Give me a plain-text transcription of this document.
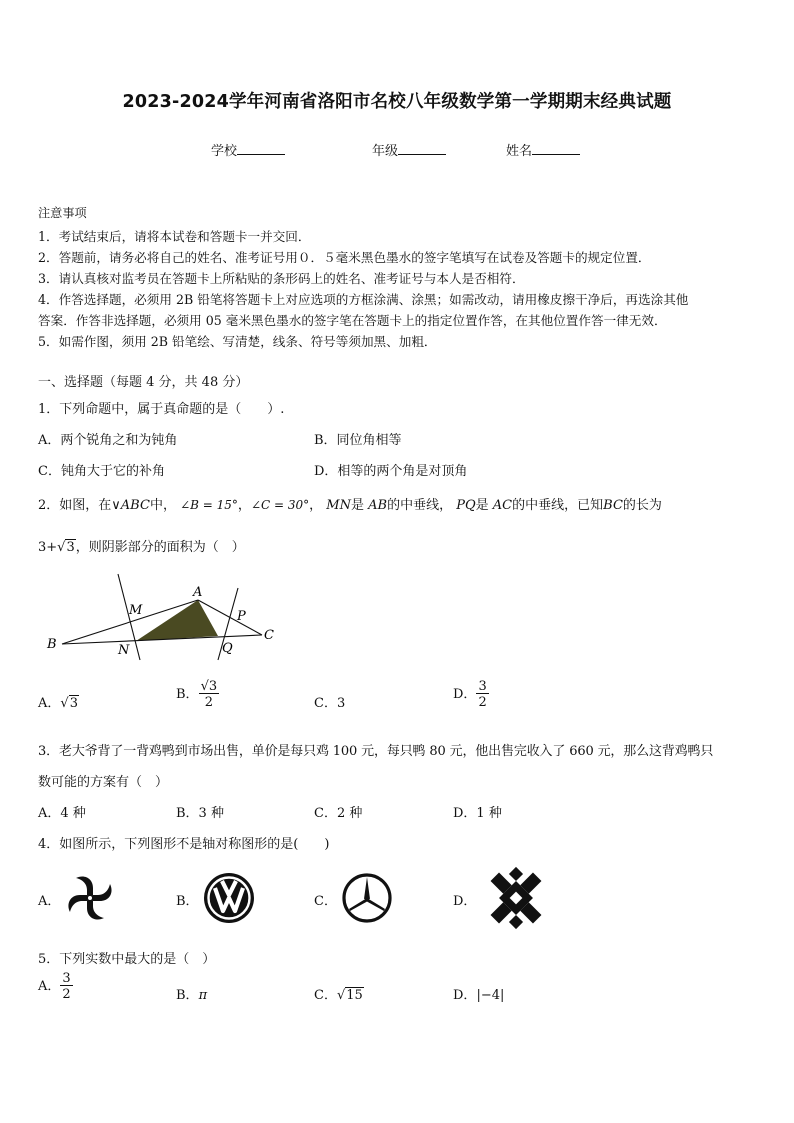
2023-2024学年河南省洛阳市名校八年级数学第一学期期末经典试题
学校	年级	姓名
注意事项
1．考试结束后，请将本试卷和答题卡一并交回．
2．答题前，请务必将自己的姓名、准考证号用０．５毫米黑色墨水的签字笔填写在试卷及答题卡的规定位置．
3．请认真核对监考员在答题卡上所粘贴的条形码上的姓名、准考证号与本人是否相符．
4．作答选择题，必须用 2B 铅笔将答题卡上对应选项的方框涂满、涂黑；如需改动，请用橡皮擦干净后，再选涂其他
答案．作答非选择题，必须用 05 毫米黑色墨水的签字笔在答题卡上的指定位置作答，在其他位置作答一律无效．
5．如需作图，须用 2B 铅笔绘、写清楚，线条、符号等须加黑、加粗．
一、选择题（每题 4 分，共 48 分）
1．下列命题中，属于真命题的是（　　）.
A．两个锐角之和为钝角	B．同位角相等
C．钝角大于它的补角	D．相等的两个角是对顶角
2．如图，在∨ABC中， ∠B = 15°，∠C = 30°， MN是 AB的中垂线， PQ是 AC的中垂线，已知BC的长为
3+√3，则阴影部分的面积为（　）
A
B
C
M
N
P
Q
A．√3
B． $\frac{√3}{2}$	C．3
D． $\frac{3}{2}$
3．老大爷背了一背鸡鸭到市场出售，单价是每只鸡 100 元，每只鸭 80 元，他出售完收入了 660 元，那么这背鸡鸭只
数可能的方案有（　）
A．4 种	B．3 种	C．2 种	D．1 种
4．如图所示，下列图形不是轴对称图形的是(　　)
A．	B．	C．	D．
5．下列实数中最大的是（　）
A． $\frac{3}{2}$	B．π	C．√15	D．|−4|
